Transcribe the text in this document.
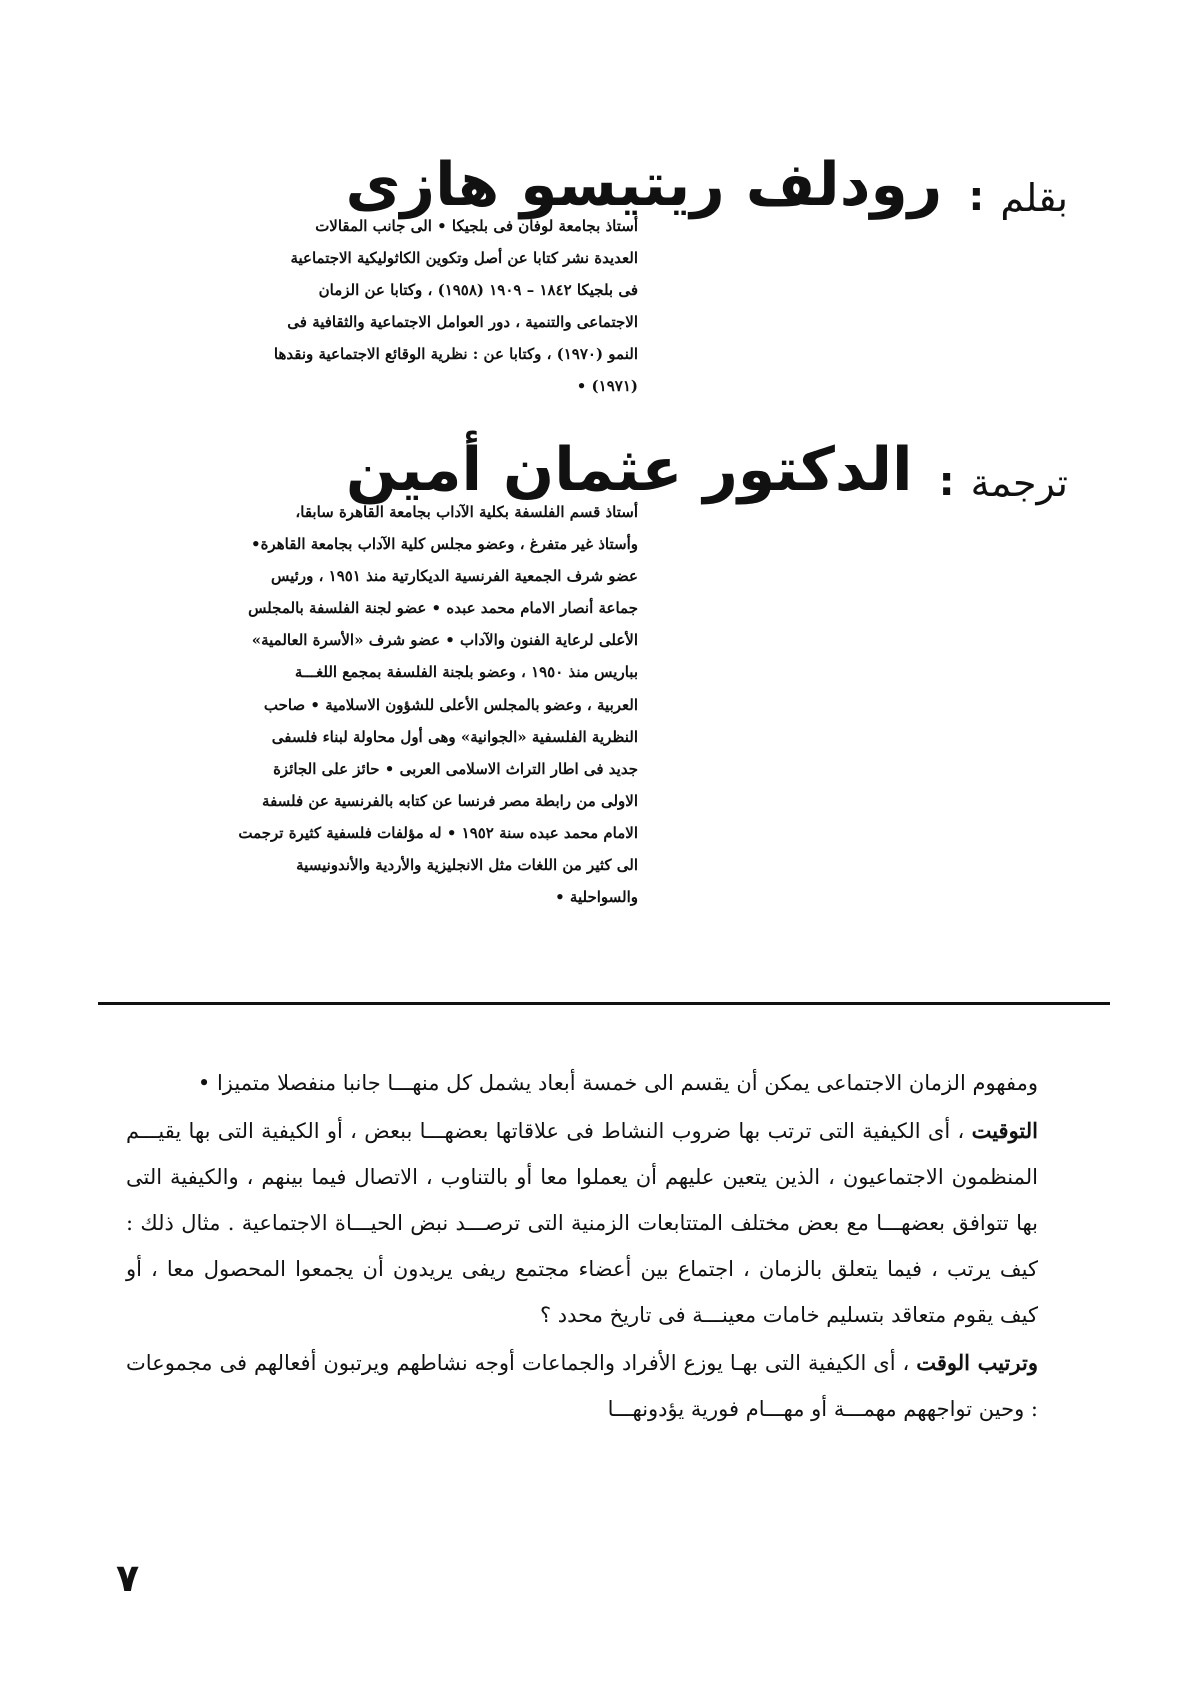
بقلم
:
رودلف ريتيسو هازى

أستاذ بجامعة لوفان فى بلجيكا • الى جانب المقالات

العديدة نشر كتابا عن أصل وتكوين الكاثوليكية الاجتماعية

فى بلجيكا ١٨٤٢ – ١٩٠٩ (١٩٥٨) ، وكتابا عن الزمان

الاجتماعى والتنمية ، دور العوامل الاجتماعية والثقافية فى

النمو (١٩٧٠) ، وكتابا عن : نظرية الوقائع الاجتماعية ونقدها

(١٩٧١) •

ترجمة
:
الدكتور عثمان أمين

أستاذ قسم الفلسفة بكلية الآداب بجامعة القاهرة سابقا،

وأستاذ غير متفرغ ، وعضو مجلس كلية الآداب بجامعة القاهرة•

عضو شرف الجمعية الفرنسية الديكارتية منذ ١٩٥١ ، ورئيس

جماعة أنصار الامام محمد عبده • عضو لجنة الفلسفة بالمجلس

الأعلى لرعاية الفنون والآداب • عضو شرف «الأسرة العالمية»

بباريس منذ ١٩٥٠ ، وعضو بلجنة الفلسفة بمجمع اللغـــة

العربية ، وعضو بالمجلس الأعلى للشؤون الاسلامية • صاحب

النظرية الفلسفية «الجوانية» وهى أول محاولة لبناء فلسفى

جديد فى اطار التراث الاسلامى العربى • حائز على الجائزة

الاولى من رابطة مصر فرنسا عن كتابه بالفرنسية عن فلسفة

الامام محمد عبده سنة ١٩٥٢ • له مؤلفات فلسفية كثيرة ترجمت

الى كثير من اللغات مثل الانجليزية والأردية والأندونيسية

والسواحلية •

ومفهوم الزمان الاجتماعى يمكن أن يقسم الى خمسة أبعاد يشمل كل منهـــا جانبا منفصلا متميزا •

التوقيت ، أى الكيفية التى ترتب بها ضروب النشاط فى علاقاتها بعضهـــا ببعض ، أو الكيفية التى بها يقيـــم المنظمون الاجتماعيون ، الذين يتعين عليهم أن يعملوا معا أو بالتناوب ، الاتصال فيما بينهم ، والكيفية التى بها تتوافق بعضهـــا مع بعض مختلف المتتابعات الزمنية التى ترصـــد نبض الحيـــاة الاجتماعية . مثال ذلك : كيف يرتب ، فيما يتعلق بالزمان ، اجتماع بين أعضاء مجتمع ريفى يريدون أن يجمعوا المحصول معا ، أو كيف يقوم متعاقد بتسليم خامات معينـــة فى تاريخ محدد ؟

وترتيب الوقت ، أى الكيفية التى بهـا يوزع الأفراد والجماعات أوجه نشاطهم ويرتبون أفعالهم فى مجموعات : وحين تواجههم مهمـــة أو مهـــام فورية يؤدونهـــا

٧
